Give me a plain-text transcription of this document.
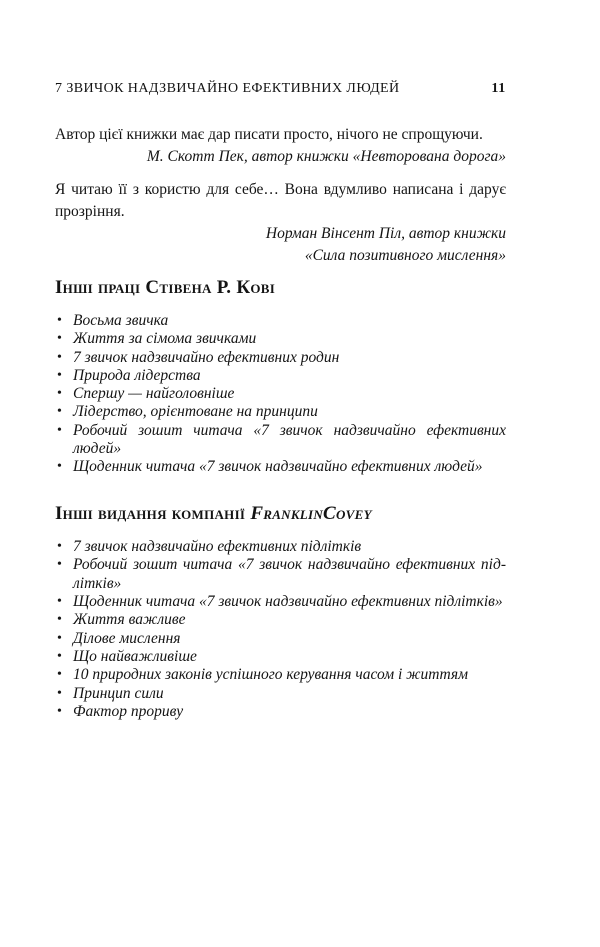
7 ЗВИЧОК НАДЗВИЧАЙНО ЕФЕКТИВНИХ ЛЮДЕЙ	11

Автор цієї книжки має дар писати просто, нічого не спрощуючи.

М. Скотт Пек, автор книжки «Невторована дорога»

Я читаю її з користю для себе… Вона вдумливо написана і дарує прозріння.

Норман Вінсент Піл, автор книжки
«Сила позитивного мислення»
Інші праці Стівена Р. Кові
• Восьма звичка
• Життя за сімома звичками
• 7 звичок надзвичайно ефективних родин
• Природа лідерства
• Спершу — найголовніше
• Лідерство, орієнтоване на принципи
• Робочий зошит читача «7 звичок надзвичайно ефективних людей»
• Щоденник читача «7 звичок надзвичайно ефективних людей»
Інші видання компанії FranklinCovey
• 7 звичок надзвичайно ефективних підлітків
• Робочий зошит читача «7 звичок надзвичайно ефективних підлітків»
• Щоденник читача «7 звичок надзвичайно ефективних підлітків»
• Життя важливе
• Ділове мислення
• Що найважливіше
• 10 природних законів успішного керування часом і життям
• Принцип сили
• Фактор прориву
